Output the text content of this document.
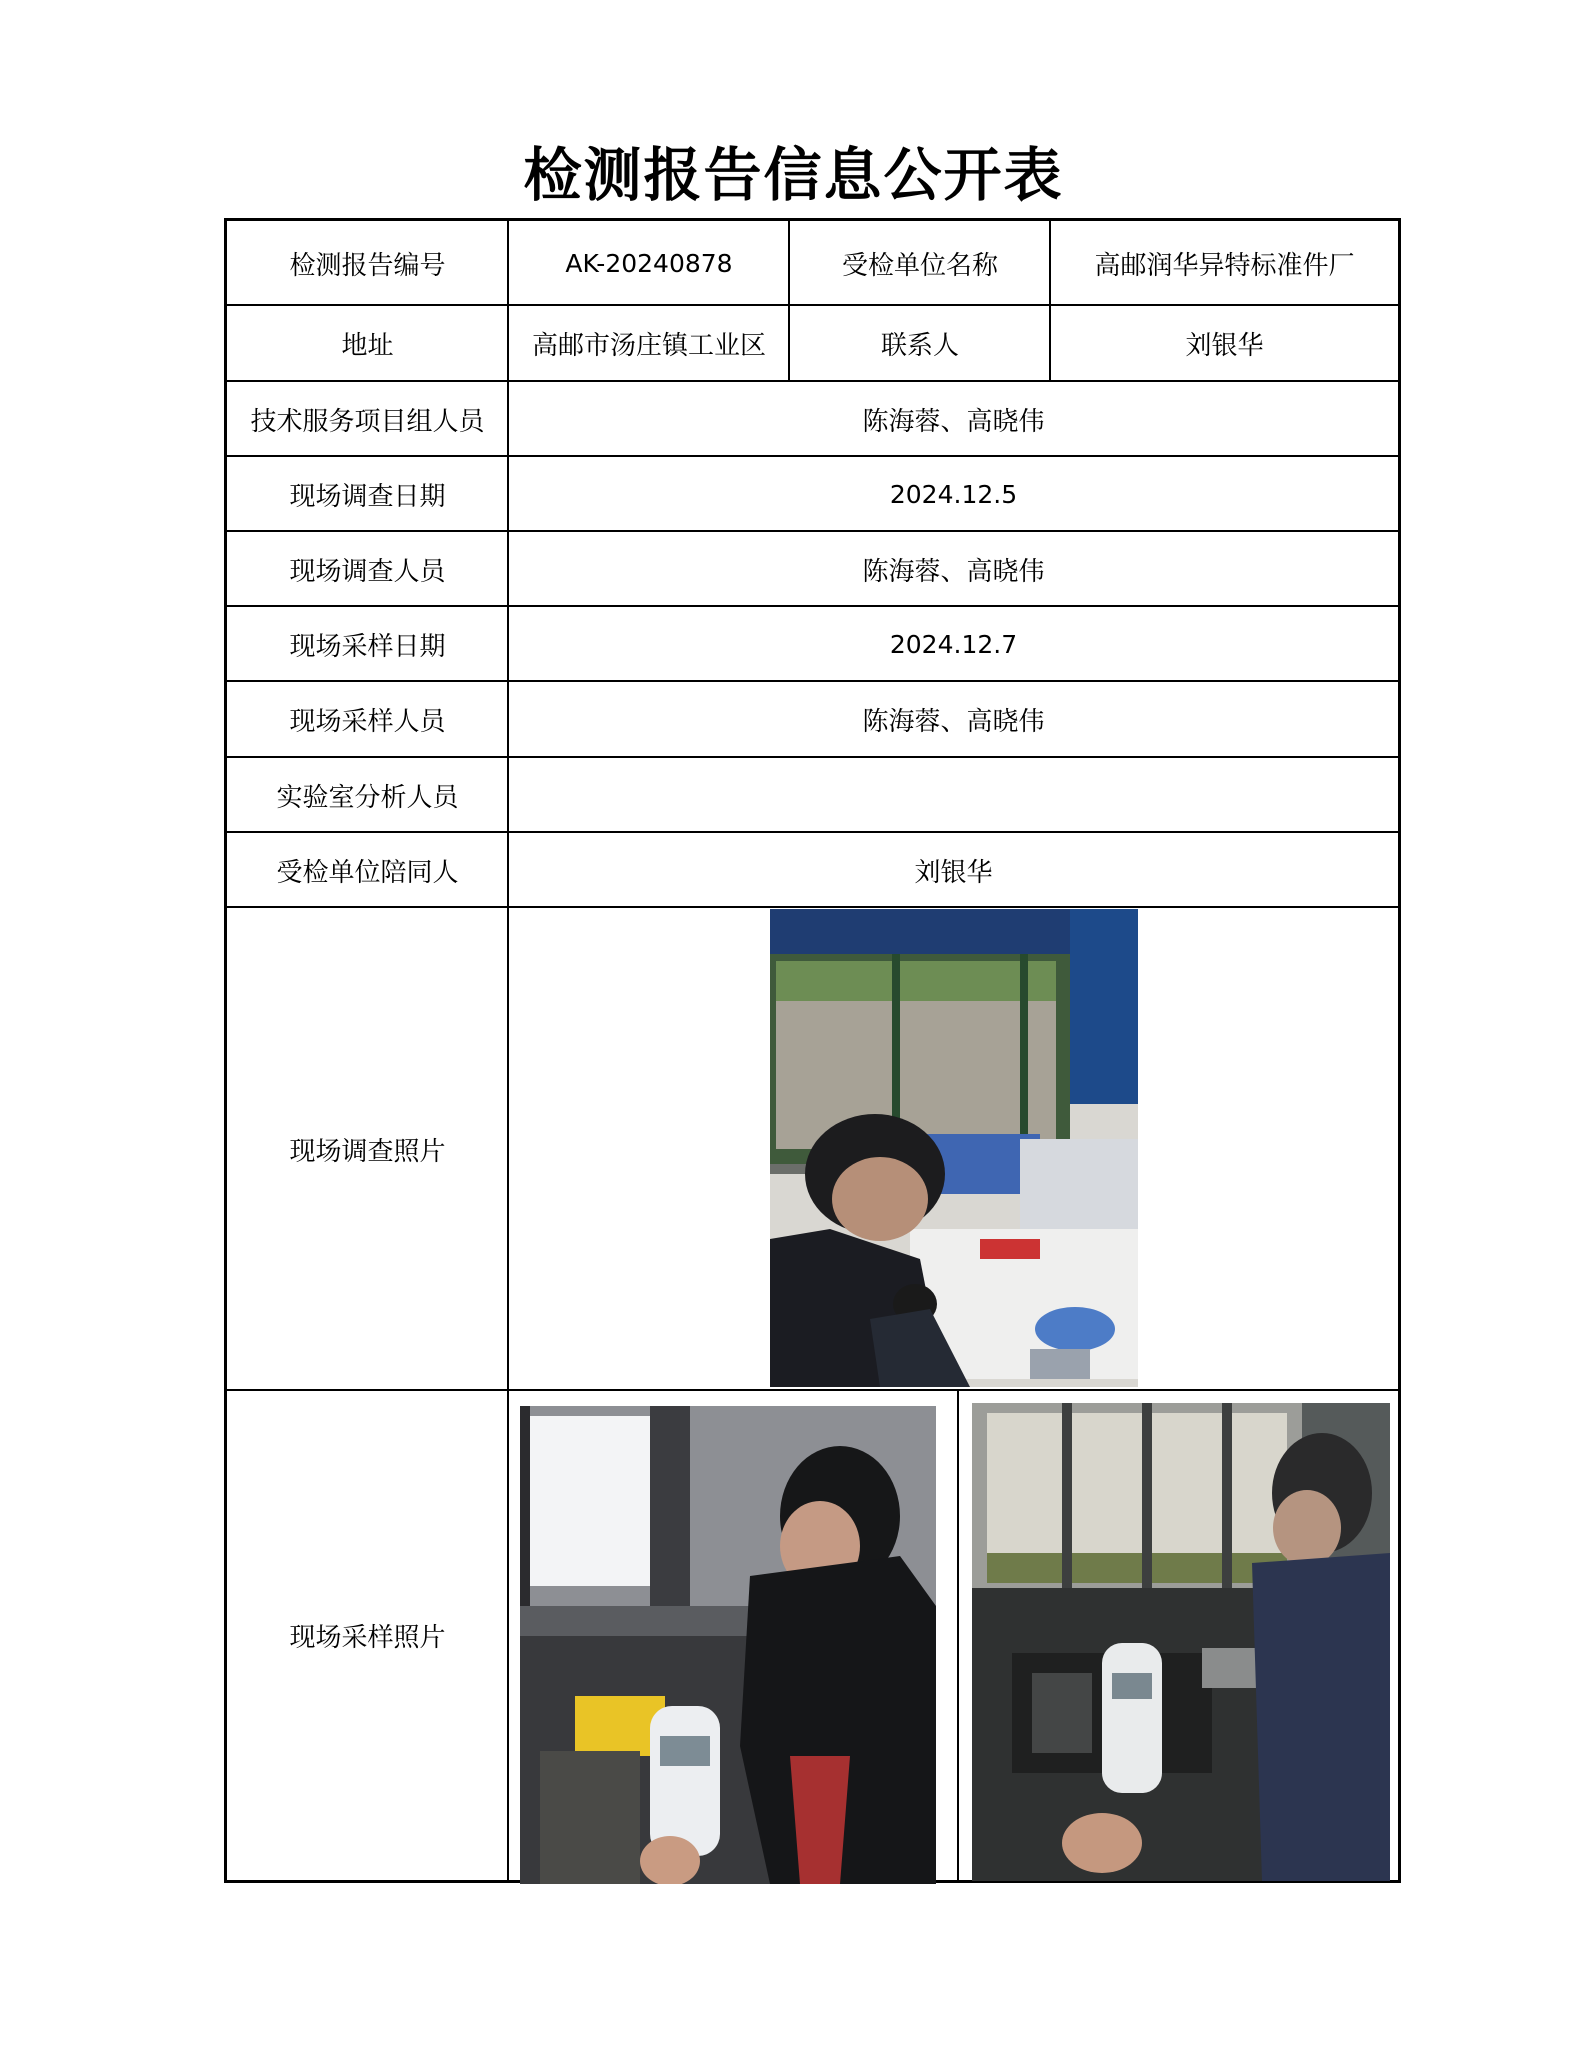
检测报告信息公开表
检测报告编号	AK-20240878	受检单位名称	高邮润华异特标准件厂
地址	高邮市汤庄镇工业区	联系人	刘银华
技术服务项目组人员	陈海蓉、高晓伟
现场调查日期	2024.12.5
现场调查人员	陈海蓉、高晓伟
现场采样日期	2024.12.7
现场采样人员	陈海蓉、高晓伟
实验室分析人员
受检单位陪同人	刘银华
现场调查照片
现场采样照片
